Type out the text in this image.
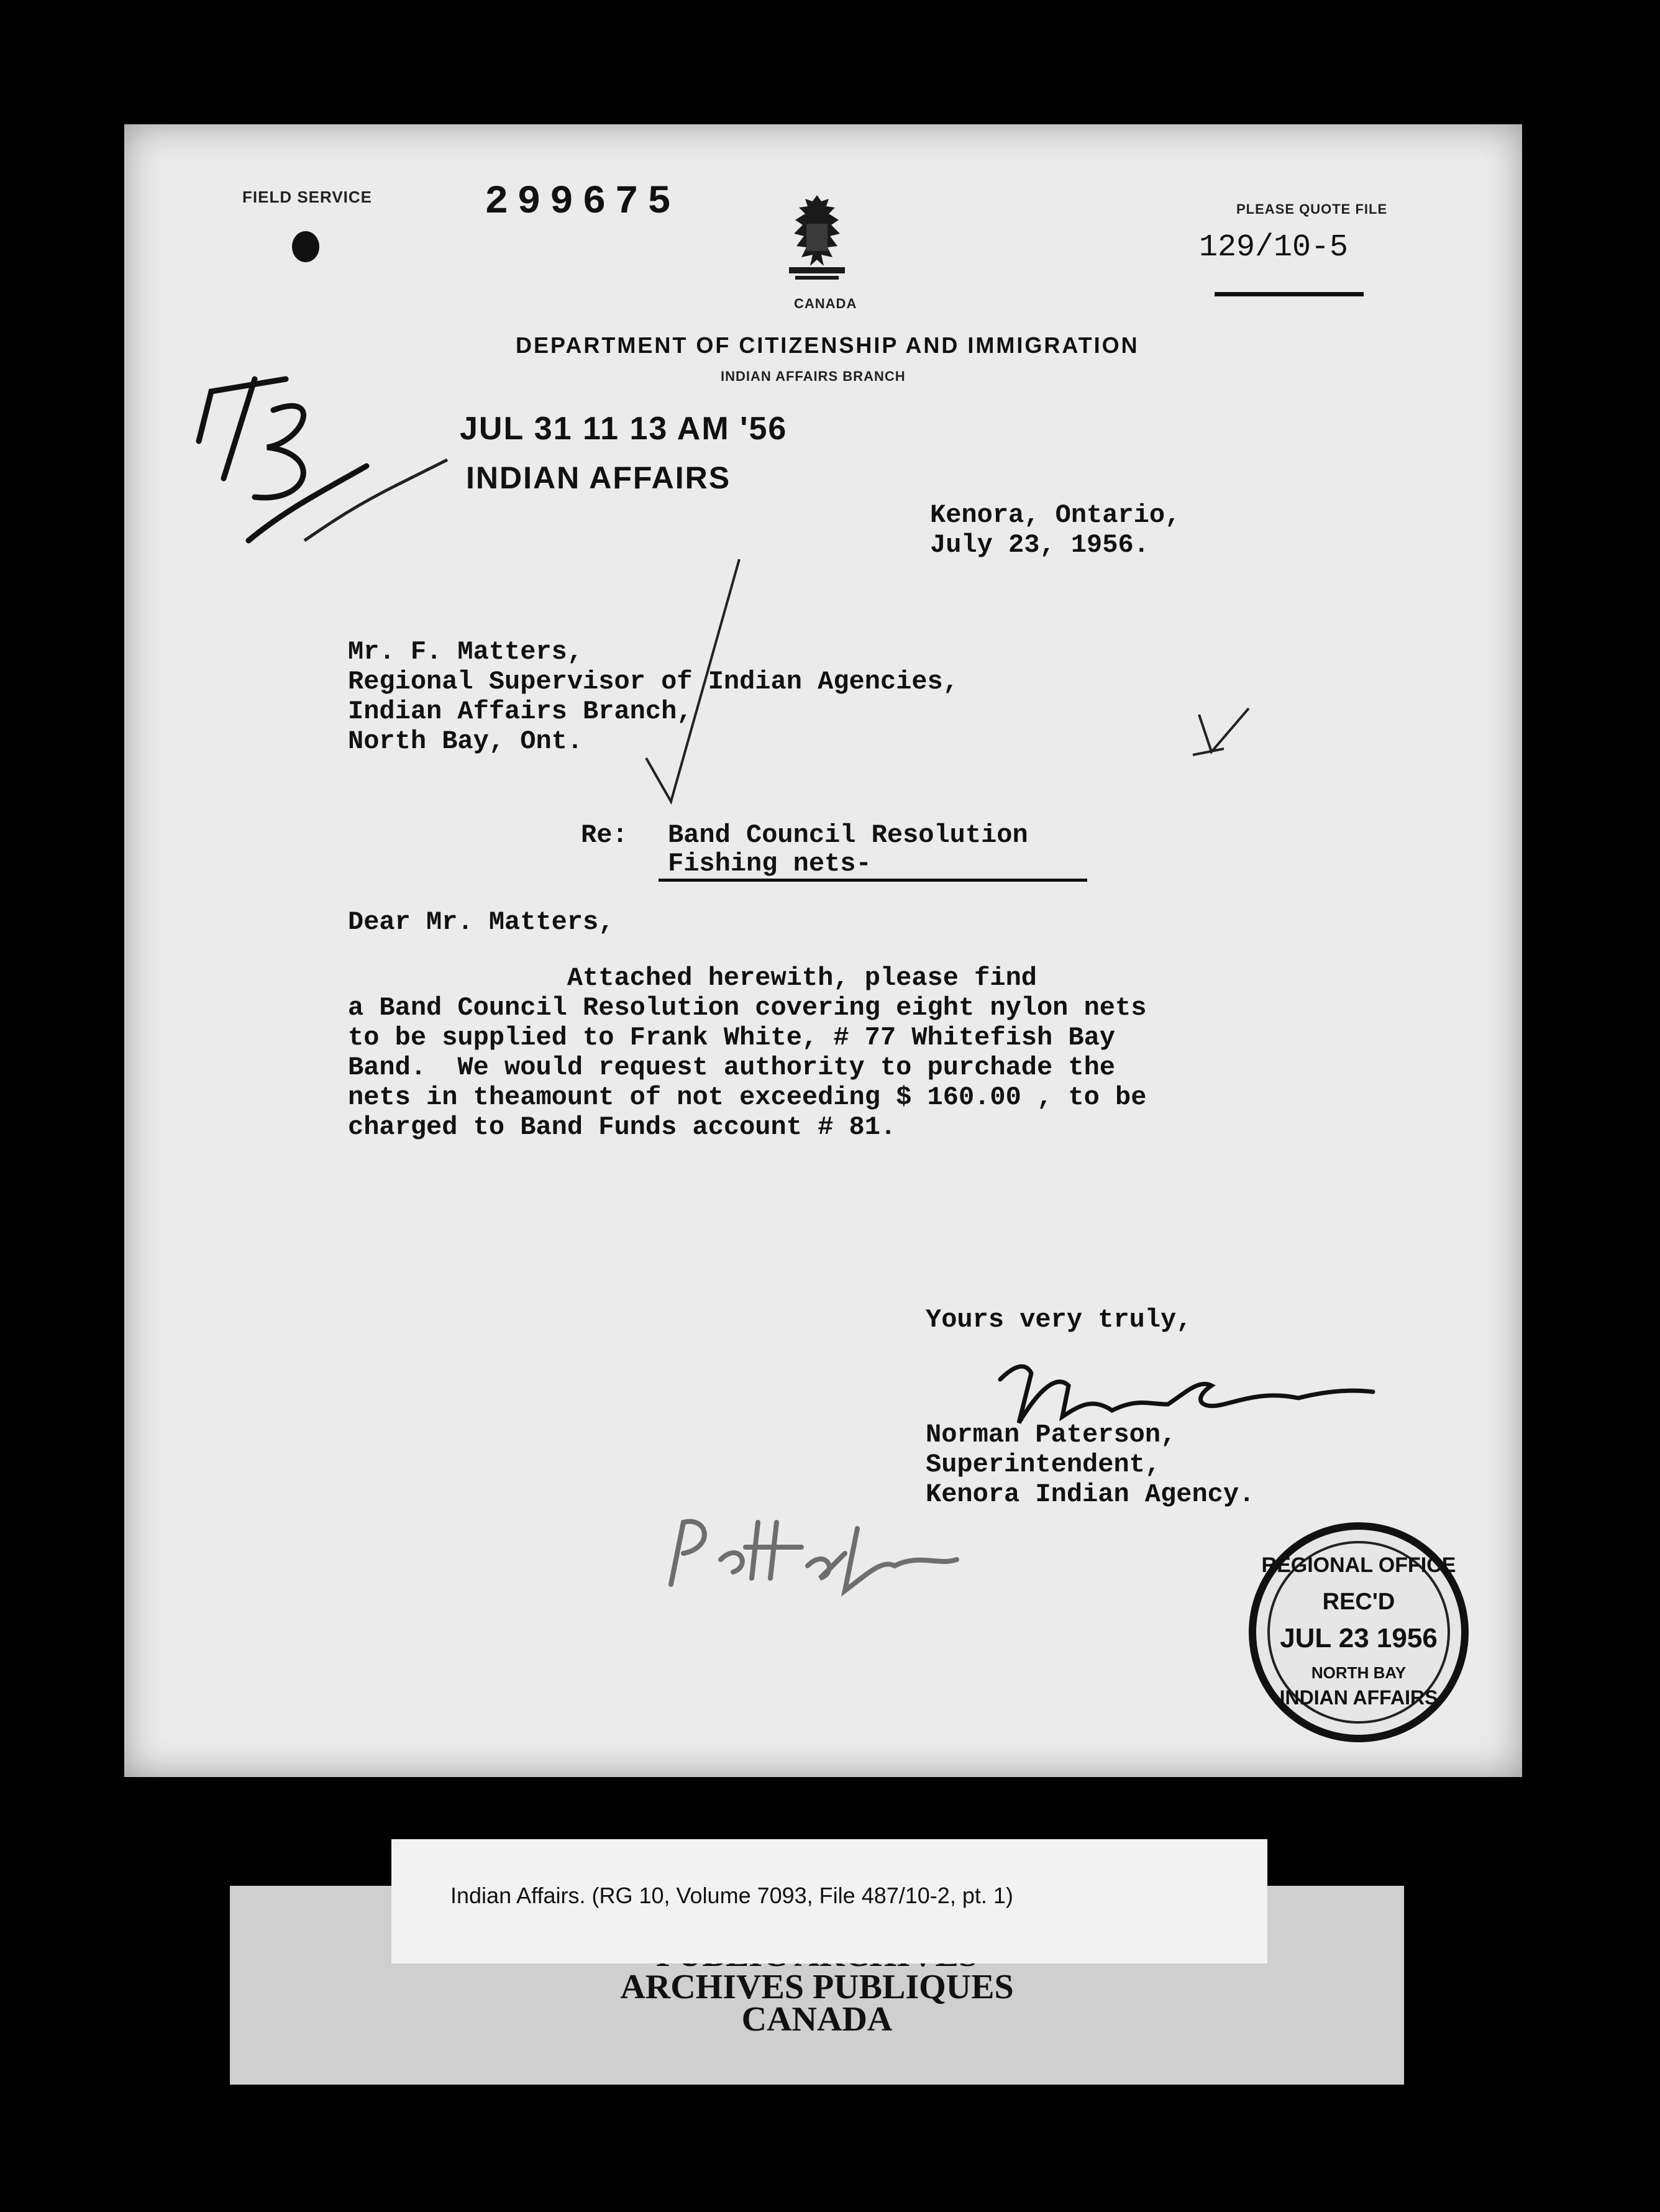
FIELD SERVICE	299675
CANADA
PLEASE QUOTE FILE
129/10-5
DEPARTMENT OF CITIZENSHIP AND IMMIGRATION
INDIAN AFFAIRS BRANCH
JUL 31 11 13 AM '56
INDIAN AFFAIRS
Kenora, Ontario,
July 23, 1956.
Mr. F. Matters,
Regional Supervisor of Indian Agencies,
Indian Affairs Branch,
North Bay, Ont.
Re: Band Council Resolution
Fishing nets-
Dear Mr. Matters,
Attached herewith, please find
a Band Council Resolution covering eight nylon nets
to be supplied to Frank White, # 77 Whitefish Bay
Band.  We would request authority to purchade the
nets in theamount of not exceeding $ 160.00 , to be
charged to Band Funds account # 81.
Yours very truly,
Norman Paterson,
Superintendent,
Kenora Indian Agency.
REGIONAL OFFICE
REC'D
JUL 23 1956
NORTH BAY
INDIAN AFFAIRS
ARCHIVES PUBLIQUES
CANADA
Indian Affairs. (RG 10, Volume 7093, File 487/10-2, pt. 1)
